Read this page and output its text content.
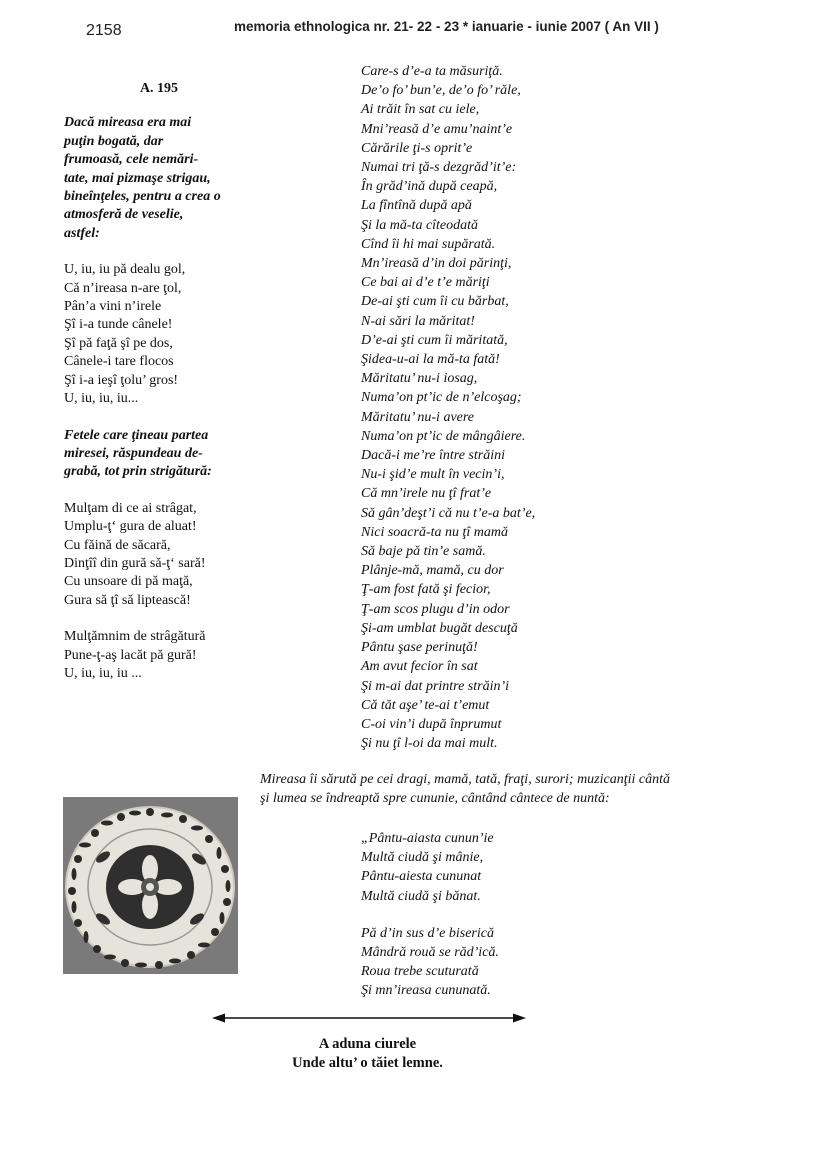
2158	memoria ethnologica nr. 21- 22 - 23 * ianuarie - iunie 2007 ( An VII )
A. 195
Dacă mireasa era mai
puţin bogată, dar
frumoasă, cele nemări-
tate, mai pizmaşe strigau,
bineînţeles, pentru a crea o
atmosferă de veselie,
astfel:
U, iu, iu pă dealu gol,
Că n’ireasa n-are ţol,
Pân’a vini n’irele
Şî i-a tunde cânele!
Şî pă faţă şî pe dos,
Cânele-i tare flocos
Şî i-a ieşî ţolu’ gros!
U, iu, iu, iu...
Fetele care ţineau partea
miresei, răspundeau de-
grabă, tot prin strigătură:
Mulţam di ce ai strâgat,
Umplu-ţ‘ gura de aluat!
Cu făină de săcară,
Dinţîî din gură să-ţ‘ sară!
Cu unsoare di pă maţă,
Gura să ţî să liptească!
Mulţămnim de strâgătură
Pune-ţ-aş lacăt pă gură!
U, iu, iu, iu ...
Care-s d’e-a ta măsuriţă.
De’o fo’ bun’e, de’o fo’ răle,
Ai trăit în sat cu iele,
Mni’reasă d’e amu’naint’e
Cărările ţi-s oprit’e
Numai tri ţă-s dezgrăd’it’e:
În grăd’ină după ceapă,
La fîntînă după apă
Şi la mă-ta cîteodată
Cînd îi hi mai supărată.
Mn’ireasă d’in doi părinţi,
Ce bai ai d’e t’e măriţi
De-ai şti cum îi cu bărbat,
N-ai sări la măritat!
D’e-ai şti cum îi măritată,
Şidea-u-ai la mă-ta fată!
Măritatu’ nu-i iosag,
Numa’on pt’ic de n’elcoşag;
Măritatu’ nu-i avere
Numa’on pt’ic de mângâiere.
Dacă-i me’re între străini
Nu-i şid’e mult în vecin’i,
Că mn’irele nu ţî frat’e
Să gân’deşt’i că nu t’e-a bat’e,
Nici soacră-ta nu ţî mamă
Să baje pă tin’e samă.
Plânje-mă, mamă, cu dor
Ţ-am fost fată şi fecior,
Ţ-am scos plugu d’in odor
Şi-am umblat bugăt descuţă
Pântu şase perinuţă!
Am avut fecior în sat
Şi m-ai dat printre străin’i
Că tăt aşe’ te-ai t’emut
C-oi vin’i după înprumut
Şi nu ţî l-oi da mai mult.
Mireasa îi sărută pe cei dragi, mamă, tată, fraţi, surori; muzicanţii cântă
şi lumea se îndreaptă spre cununie, cântând cântece de nuntă:
„Pântu-aiasta cunun’ie
Multă ciudă şi mânie,
Pântu-aiesta cununat
Multă ciudă şi bănat.
Pă d’in sus d’e biserică
Mândră rouă se răd’ică.
Roua trebe scuturată
Şi mn’ireasa cununată.
A aduna ciurele
Unde altu’ o tăiet lemne.
